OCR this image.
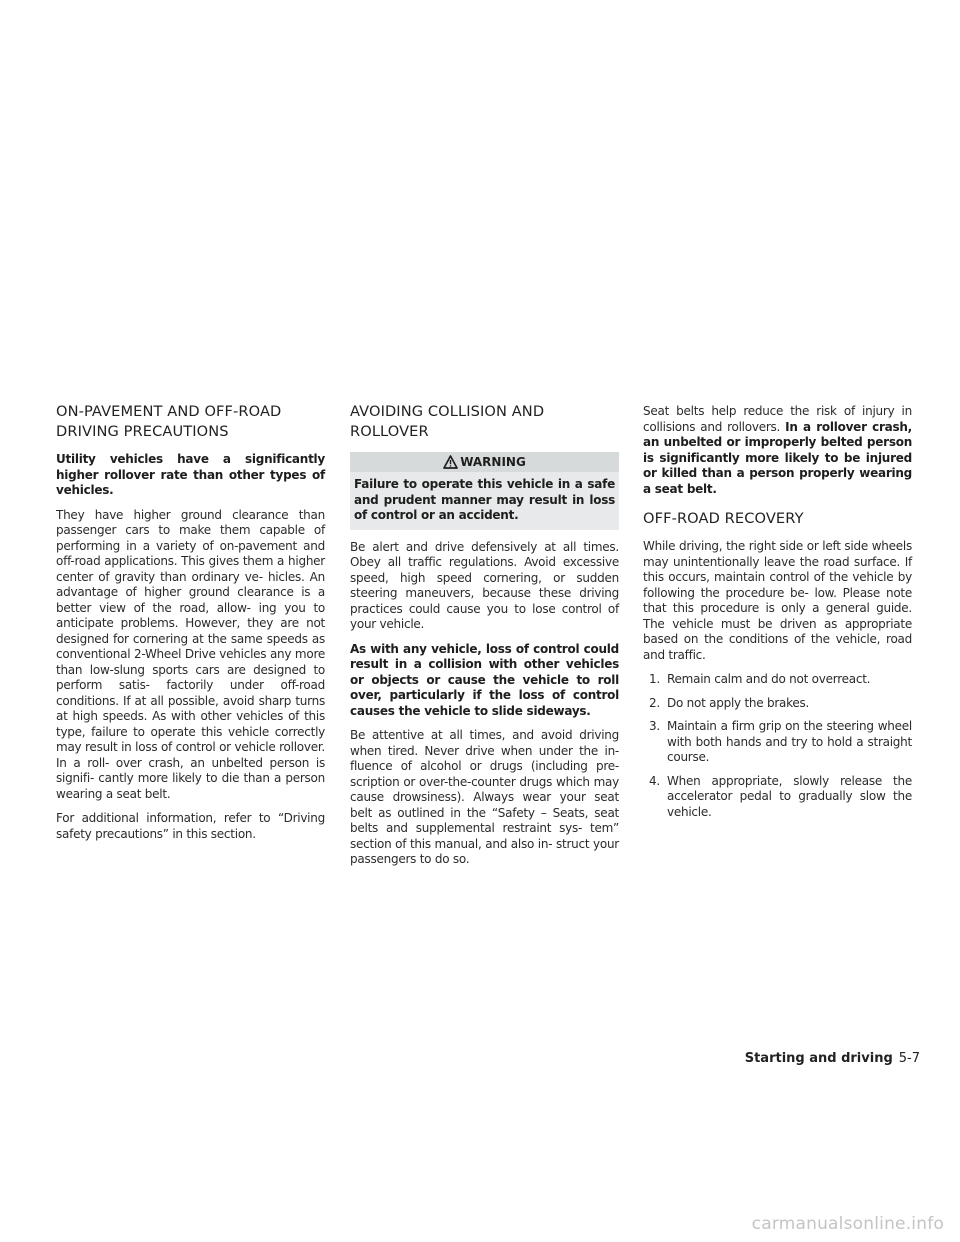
ON-PAVEMENT AND OFF-ROAD DRIVING PRECAUTIONS

Utility vehicles have a significantly higher rollover rate than other types of vehicles.

They have higher ground clearance than passenger cars to make them capable of performing in a variety of on-pavement and off-road applications. This gives them a higher center of gravity than ordinary ve- hicles. An advantage of higher ground clearance is a better view of the road, allow- ing you to anticipate problems. However, they are not designed for cornering at the same speeds as conventional 2-Wheel Drive vehicles any more than low-slung sports cars are designed to perform satis- factorily under off-road conditions. If at all possible, avoid sharp turns at high speeds. As with other vehicles of this type, failure to operate this vehicle correctly may result in loss of control or vehicle rollover. In a roll- over crash, an unbelted person is signifi- cantly more likely to die than a person wearing a seat belt.

For additional information, refer to “Driving safety precautions” in this section.

AVOIDING COLLISION AND ROLLOVER
WARNING

Failure to operate this vehicle in a safe and prudent manner may result in loss of control or an accident.

Be alert and drive defensively at all times. Obey all traffic regulations. Avoid excessive speed, high speed cornering, or sudden steering maneuvers, because these driving practices could cause you to lose control of your vehicle.

As with any vehicle, loss of control could result in a collision with other vehicles or objects or cause the vehicle to roll over, particularly if the loss of control causes the vehicle to slide sideways.

Be attentive at all times, and avoid driving when tired. Never drive when under the in- fluence of alcohol or drugs (including pre- scription or over-the-counter drugs which may cause drowsiness). Always wear your seat belt as outlined in the “Safety – Seats, seat belts and supplemental restraint sys- tem” section of this manual, and also in- struct your passengers to do so.

Seat belts help reduce the risk of injury in collisions and rollovers. In a rollover crash, an unbelted or improperly belted person is significantly more likely to be injured or killed than a person properly wearing a seat belt.

OFF-ROAD RECOVERY

While driving, the right side or left side wheels may unintentionally leave the road surface. If this occurs, maintain control of the vehicle by following the procedure be- low. Please note that this procedure is only a general guide. The vehicle must be driven as appropriate based on the conditions of the vehicle, road and traffic.

1. Remain calm and do not overreact.
2. Do not apply the brakes.
3. Maintain a firm grip on the steering wheel with both hands and try to hold a straight course.
4. When appropriate, slowly release the accelerator pedal to gradually slow the vehicle.
Starting and driving 5-7
carmanualsonline.info
